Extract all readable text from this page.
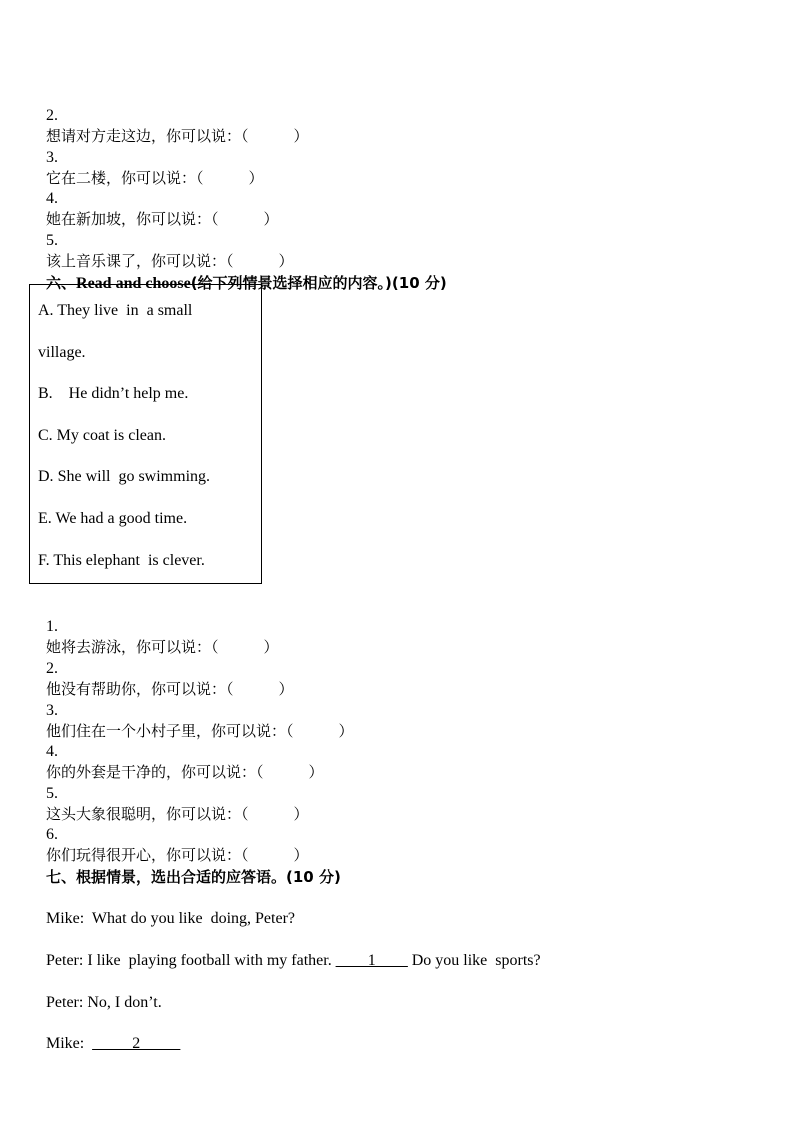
2.
想请对方走这边，你可以说：（　　　）

3.
它在二楼，你可以说：（　　　）

4.
她在新加坡，你可以说：（　　　）

5.
该上音乐课了，你可以说：（　　　）

六、Read and choose(给下列情景选择相应的内容。)(10 分)

A. They live  in  a small
village.
B.    He didn’t help me.
C. My coat is clean.
D. She will  go swimming.
E. We had a good time.
F. This elephant  is clever.

1.
她将去游泳，你可以说：（　　　）

2.
他没有帮助你，你可以说：（　　　）

3.
他们住在一个小村子里，你可以说：（　　　）

4.
你的外套是干净的，你可以说：（　　　）

5.
这头大象很聪明，你可以说：（　　　）

6.
你们玩得很开心，你可以说：（　　　）

七、根据情景，选出合适的应答语。(10 分)

Mike:  What do you like  doing, Peter?

Peter: I like  playing football with my father. ____1____ Do you like  sports?

Peter: No, I don’t.

Mike: _____2_____
